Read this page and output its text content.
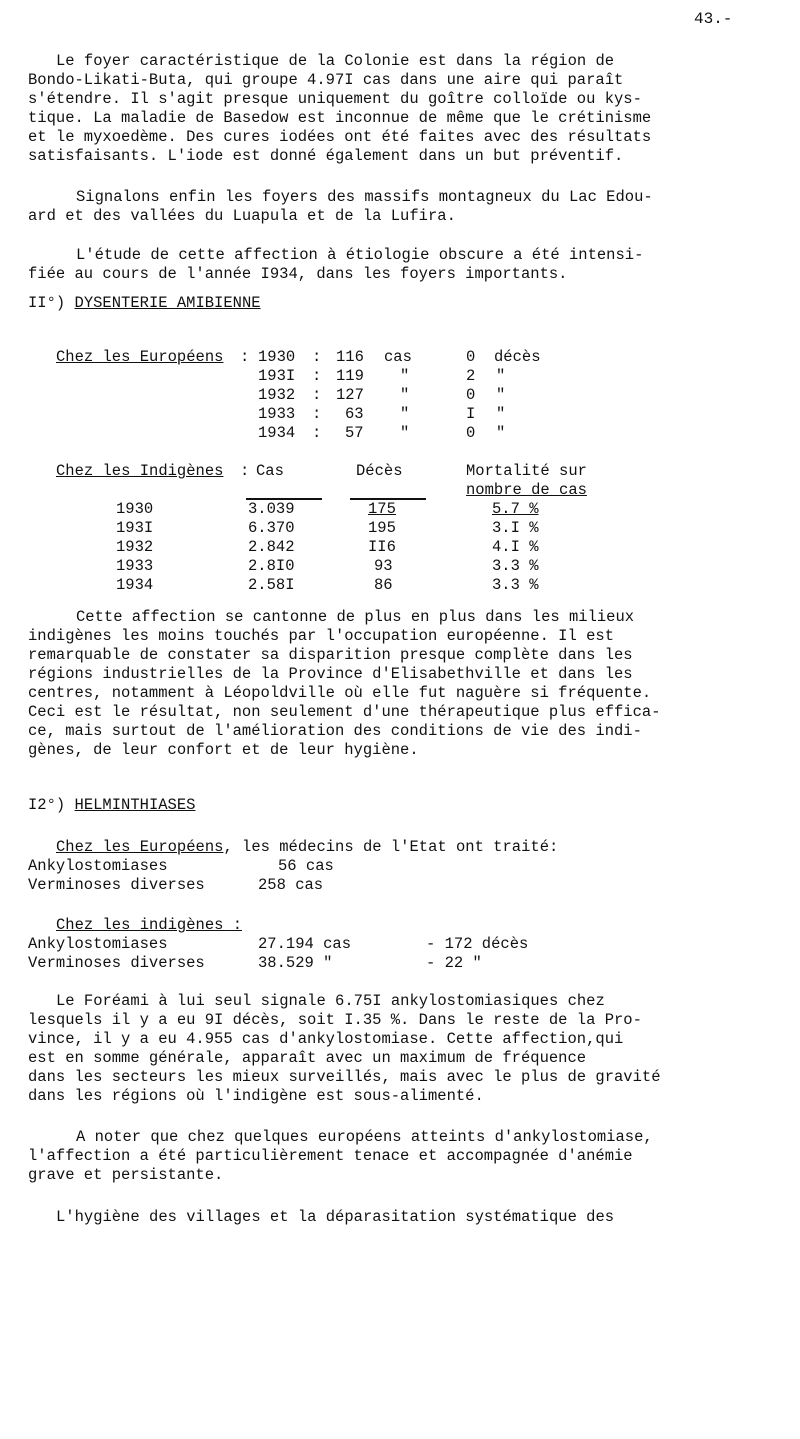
43.-
Le foyer caractéristique de la Colonie est dans la région de
Bondo-Likati-Buta, qui groupe 4.97I cas dans une aire qui paraît
s'étendre. Il s'agit presque uniquement du goître colloïde ou kys-
tique. La maladie de Basedow est inconnue de même que le crétinisme
et le myxoedème. Des cures iodées ont été faites avec des résultats
satisfaisants. L'iode est donné également dans un but préventif.
Signalons enfin les foyers des massifs montagneux du Lac Edou-
ard et des vallées du Luapula et de la Lufira.
L'étude de cette affection à étiologie obscure a été intensi-
fiée au cours de l'année I934, dans les foyers importants.
II°) DYSENTERIE AMIBIENNE
Chez les Européens : 1930 : 116 cas	0 décès
193I : 119 "	2 "
1932 : 127 "	0 "
1933 : 63 "	I "
1934 : 57 "	0 "
Chez les Indigènes : Cas	Décès	Mortalité sur
nombre de cas
1930	3.039	175	5.7 %
193I	6.370	195	3.I %
1932	2.842	II6	4.I %
1933	2.8I0	93	3.3 %
1934	2.58I	86	3.3 %
Cette affection se cantonne de plus en plus dans les milieux
indigènes les moins touchés par l'occupation européenne. Il est
remarquable de constater sa disparition presque complète dans les
régions industrielles de la Province d'Elisabethville et dans les
centres, notamment à Léopoldville où elle fut naguère si fréquente.
Ceci est le résultat, non seulement d'une thérapeutique plus effica-
ce, mais surtout de l'amélioration des conditions de vie des indi-
gènes, de leur confort et de leur hygiène.
I2°) HELMINTHIASES
Chez les Européens, les médecins de l'Etat ont traité:
Ankylostomiases	56 cas
Verminoses diverses	258 cas
Chez les indigènes :
Ankylostomiases	27.194 cas	- 172 décès
Verminoses diverses	38.529 "	- 22 "
Le Foréami à lui seul signale 6.75I ankylostomiasiques chez
lesquels il y a eu 9I décès, soit I.35 %. Dans le reste de la Pro-
vince, il y a eu 4.955 cas d'ankylostomiase. Cette affection,qui
est en somme générale, apparaît avec un maximum de fréquence
dans les secteurs les mieux surveillés, mais avec le plus de gravité
dans les régions où l'indigène est sous-alimenté.
A noter que chez quelques européens atteints d'ankylostomiase,
l'affection a été particulièrement tenace et accompagnée d'anémie
grave et persistante.
L'hygiène des villages et la déparasitation systématique des
